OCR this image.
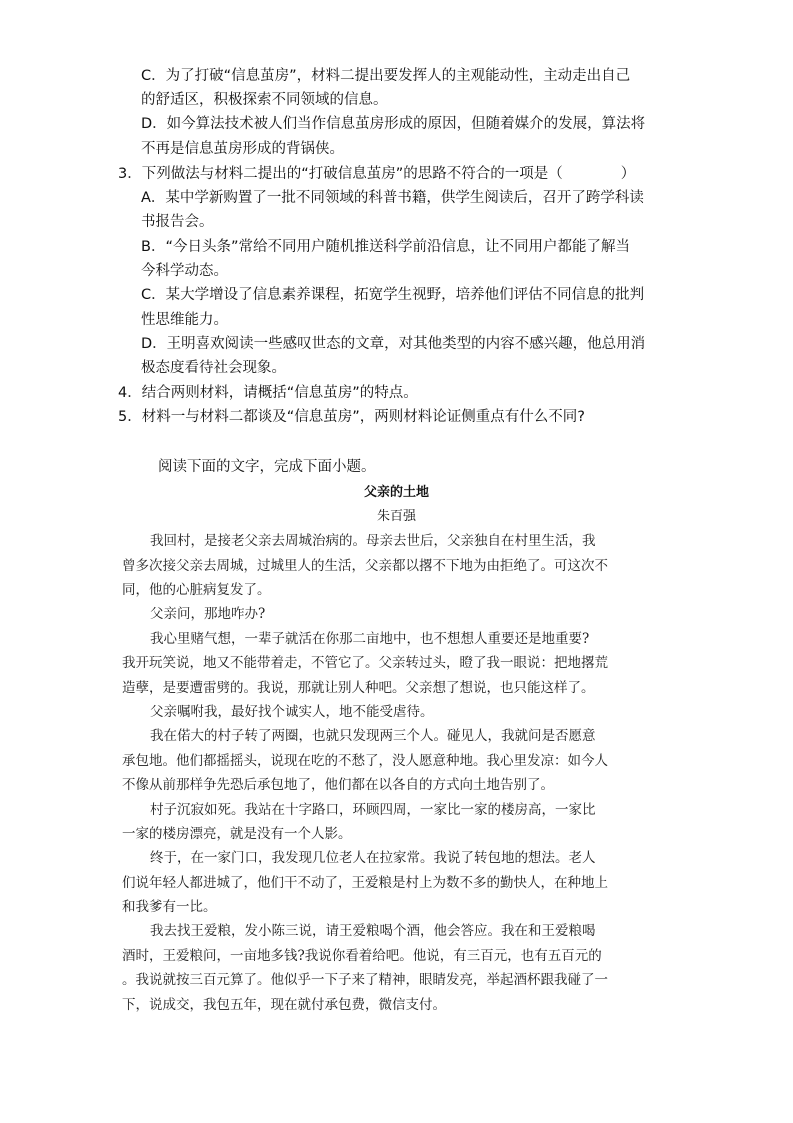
C．为了打破“信息茧房”，材料二提出要发挥人的主观能动性，主动走出自己
的舒适区，积极探索不同领域的信息。
D．如今算法技术被人们当作信息茧房形成的原因，但随着媒介的发展，算法将
不再是信息茧房形成的背锅侠。
3．下列做法与材料二提出的“打破信息茧房”的思路不符合的一项是（	）
A．某中学新购置了一批不同领域的科普书籍，供学生阅读后，召开了跨学科读
书报告会。
B．“今日头条”常给不同用户随机推送科学前沿信息，让不同用户都能了解当
今科学动态。
C．某大学增设了信息素养课程，拓宽学生视野，培养他们评估不同信息的批判
性思维能力。
D．王明喜欢阅读一些感叹世态的文章，对其他类型的内容不感兴趣，他总用消
极态度看待社会现象。
4．结合两则材料，请概括“信息茧房”的特点。
5．材料一与材料二都谈及“信息茧房”，两则材料论证侧重点有什么不同?
阅读下面的文字，完成下面小题。
父亲的土地
朱百强
我回村，是接老父亲去周城治病的。母亲去世后，父亲独自在村里生活，我
曾多次接父亲去周城，过城里人的生活，父亲都以撂不下地为由拒绝了。可这次不
同，他的心脏病复发了。
父亲问，那地咋办?
我心里赌气想，一辈子就活在你那二亩地中，也不想想人重要还是地重要?
我开玩笑说，地又不能带着走，不管它了。父亲转过头，瞪了我一眼说：把地撂荒
造孽，是要遭雷劈的。我说，那就让别人种吧。父亲想了想说，也只能这样了。
父亲嘱咐我，最好找个诚实人，地不能受虐待。
我在偌大的村子转了两圈，也就只发现两三个人。碰见人，我就问是否愿意
承包地。他们都摇摇头，说现在吃的不愁了，没人愿意种地。我心里发凉：如今人
不像从前那样争先恐后承包地了，他们都在以各自的方式向土地告别了。
村子沉寂如死。我站在十字路口，环顾四周，一家比一家的楼房高，一家比
一家的楼房漂亮，就是没有一个人影。
终于，在一家门口，我发现几位老人在拉家常。我说了转包地的想法。老人
们说年轻人都进城了，他们干不动了，王爱粮是村上为数不多的勤快人，在种地上
和我爹有一比。
我去找王爱粮，发小陈三说，请王爱粮喝个酒，他会答应。我在和王爱粮喝
酒时，王爱粮问，一亩地多钱?我说你看着给吧。他说，有三百元，也有五百元的
。我说就按三百元算了。他似乎一下子来了精神，眼睛发亮，举起酒杯跟我碰了一
下，说成交，我包五年，现在就付承包费，微信支付。
